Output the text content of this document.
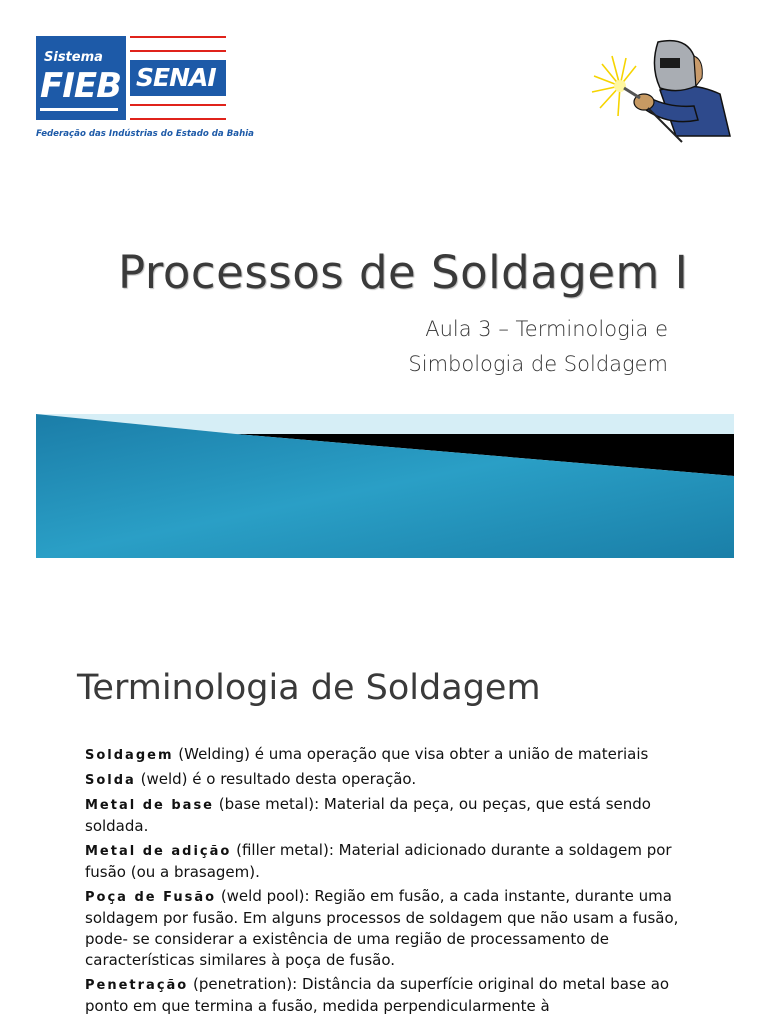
Sistema
FIEB SENAI
Federação das Indústrias do Estado da Bahia
Processos de Soldagem I
Aula 3 – Terminologia e
Simbologia de Soldagem
Terminologia de Soldagem

Soldagem (Welding) é uma operação que visa obter a união de materiais

Solda (weld) é o resultado desta operação.

Metal de base (base metal): Material da peça, ou peças, que está sendo soldada.

Metal de adição (filler metal): Material adicionado durante a soldagem por fusão (ou a brasagem).

Poça de Fusão (weld pool): Região em fusão, a cada instante, durante uma soldagem por fusão. Em alguns processos de soldagem que não usam a fusão, pode- se considerar a existência de uma região de processamento de características similares à poça de fusão.

Penetração (penetration): Distância da superfície original do metal base ao ponto em que termina a fusão, medida perpendicularmente à
